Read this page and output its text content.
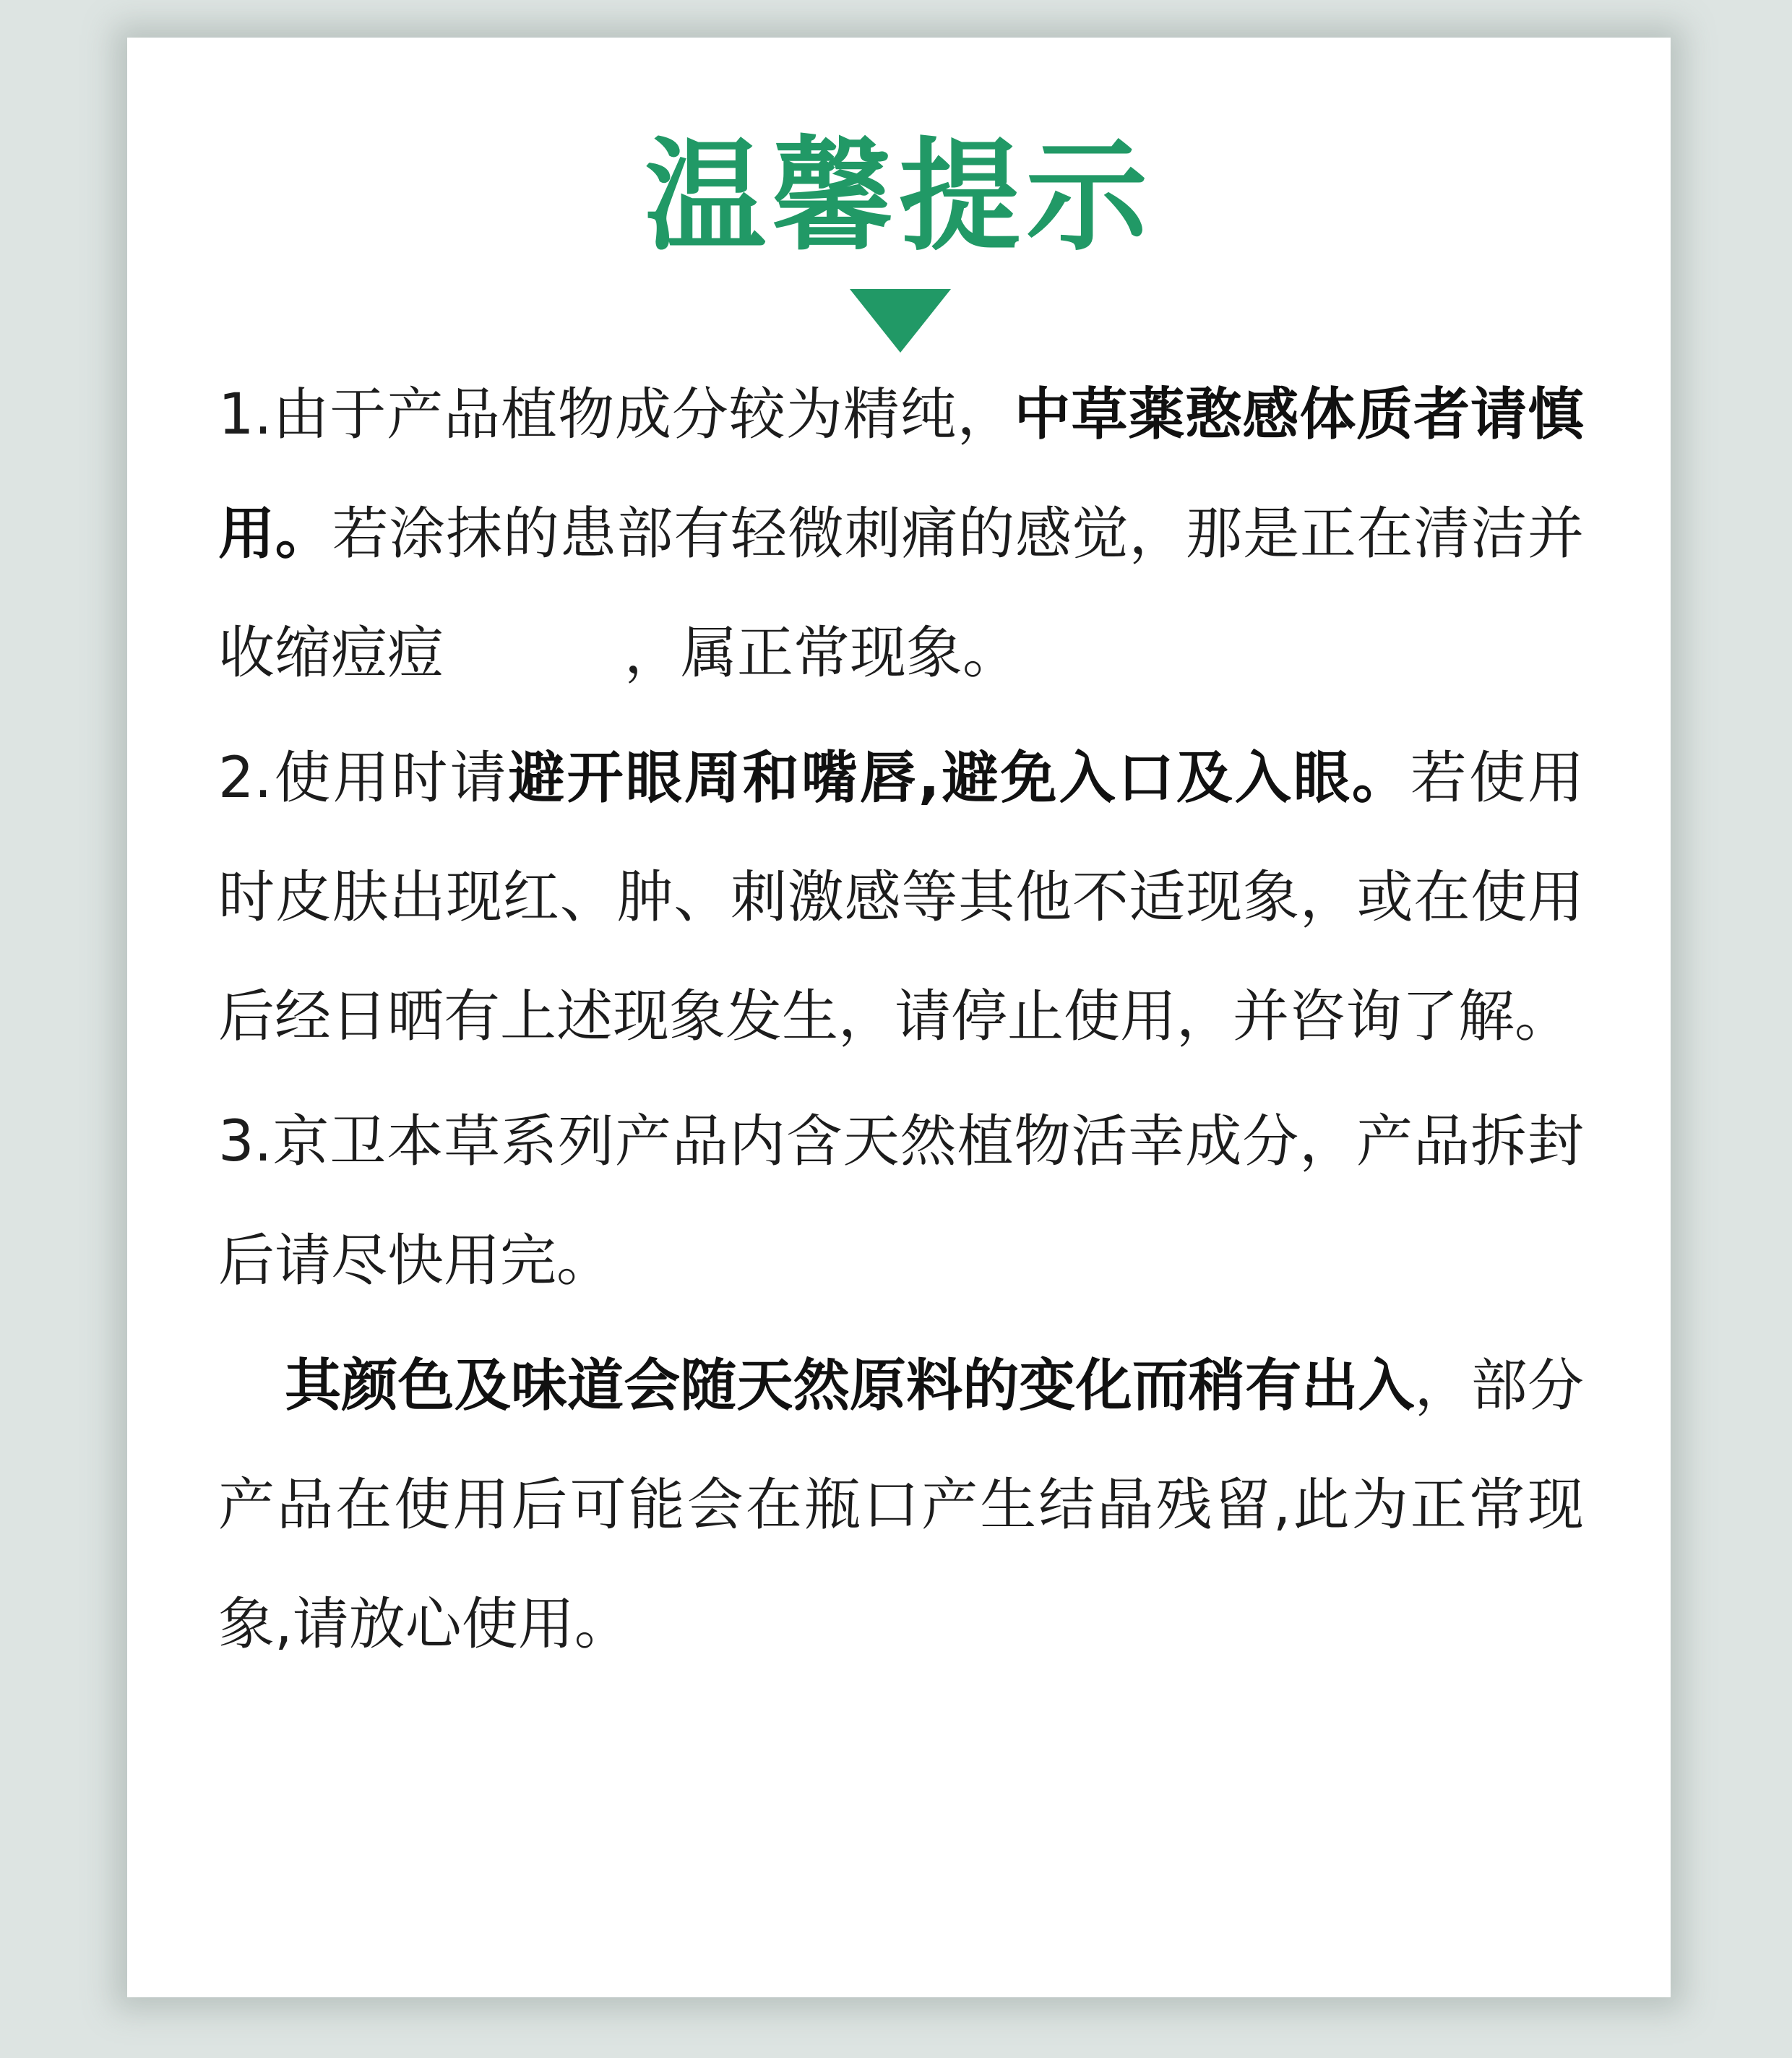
温馨提示

1.由于产品植物成分较为精纯，中草薬憨感体质者请慎用。若涂抹的患部有轻微刺痛的感觉，那是正在清洁并收缩痘痘	，属正常现象。

2.使用时请避开眼周和嘴唇,避免入口及入眼。若使用时皮肤出现红、肿、刺激感等其他不适现象，或在使用后经日晒有上述现象发生，请停止使用，并咨询了解。

3.京卫本草系列产品内含天然植物活幸成分，产品拆封后请尽快用完。

其颜色及味道会随天然原料的变化而稍有出入，部分产品在使用后可能会在瓶口产生结晶残留,此为正常现象,请放心使用。
